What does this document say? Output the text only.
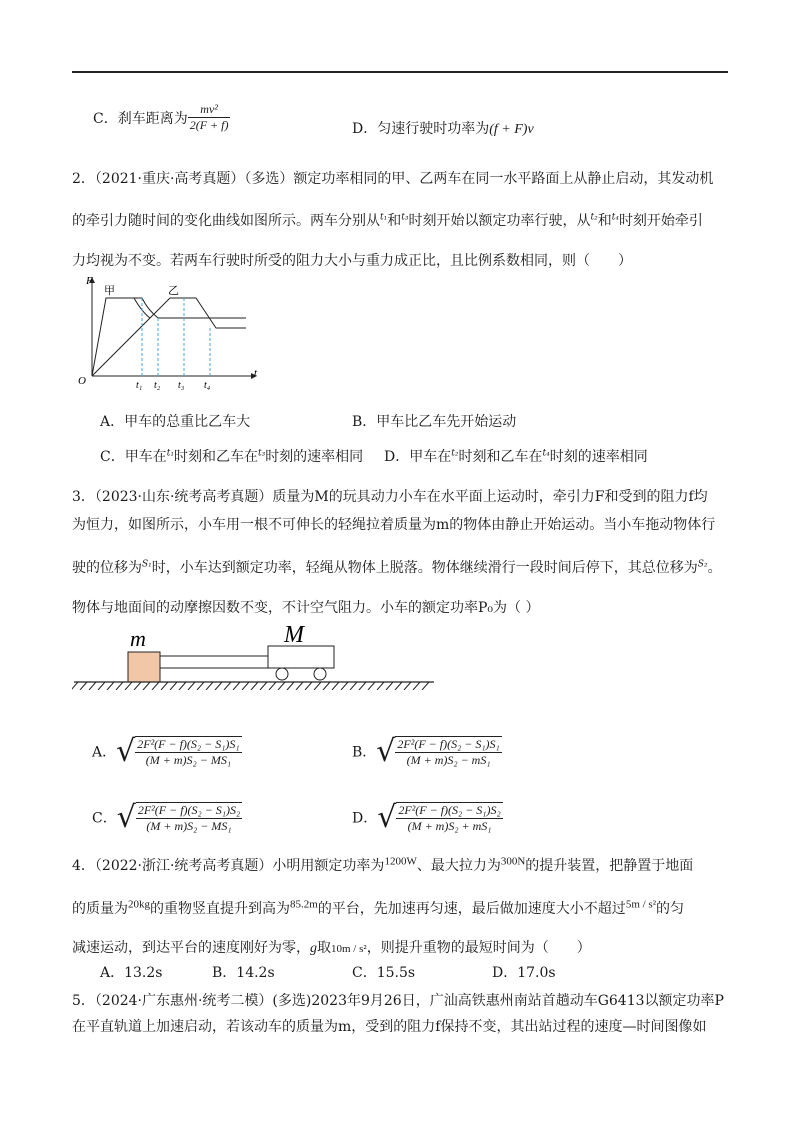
C．刹车距离为 $\frac{\text{mv²}}{2(F + f)}$	D．匀速行驶时功率为(f + F)v
2．（2021·重庆·高考真题）（多选）额定功率相同的甲、乙两车在同一水平路面上从静止启动，其发动机
的牵引力随时间的变化曲线如图所示。两车分别从$^{t_1}$和$^{t_3}$时刻开始以额定功率行驶，从$^{t_2}$和$^{t_4}$时刻开始牵引
力均视为不变。若两车行驶时所受的阻力大小与重力成正比，且比例系数相同，则（　　）
F
t
O
甲	乙
t₁ t₂ t₃ t₄
A．甲车的总重比乙车大	B．甲车比乙车先开始运动
C．甲车在$^{t_1}$时刻和乙车在$^{t_3}$时刻的速率相同 D．甲车在$^{t_2}$时刻和乙车在$^{t_4}$时刻的速率相同
3．（2023·山东·统考高考真题）质量为M的玩具动力小车在水平面上运动时，牵引力F和受到的阻力f均
为恒力，如图所示，小车用一根不可伸长的轻绳拉着质量为m的物体由静止开始运动。当小车拖动物体行
驶的位移为$^{S_1}$时，小车达到额定功率，轻绳从物体上脱落。物体继续滑行一段时间后停下，其总位移为$^{S_2}$。
物体与地面间的动摩擦因数不变，不计空气阻力。小车的额定功率P₀为（ ）
m	M
A．√ $\frac{\text{2F²(F − f)(S₂ − S₁)S₁}}{\text{(M + m)S₂ − MS₁}}$	B．√ $\frac{\text{2F²(F − f)(S₂ − S₁)S₁}}{\text{(M + m)S₂ − mS₁}}$
C．√ $\frac{\text{2F²(F − f)(S₂ − S₁)S₂}}{\text{(M + m)S₂ − MS₁}}$	D．√ $\frac{\text{2F²(F − f)(S₂ − S₁)S₂}}{\text{(M + m)S₂ + mS₁}}$
4．（2022·浙江·统考高考真题）小明用额定功率为$^{1200W}$、最大拉力为$^{300N}$的提升装置，把静置于地面
的质量为$^{20kg}$的重物竖直提升到高为$^{85.2m}$的平台，先加速再匀速，最后做加速度大小不超过$^{5m / s^2}$的匀
减速运动，到达平台的速度刚好为零，g取10m / s²，则提升重物的最短时间为（　　）
A．13.2s	B．14.2s	C．15.5s	D．17.0s
5．（2024·广东惠州·统考二模）(多选)2023年9月26日，广汕高铁惠州南站首趟动车G6413以额定功率P
在平直轨道上加速启动，若该动车的质量为m，受到的阻力f保持不变，其出站过程的速度—时间图像如
